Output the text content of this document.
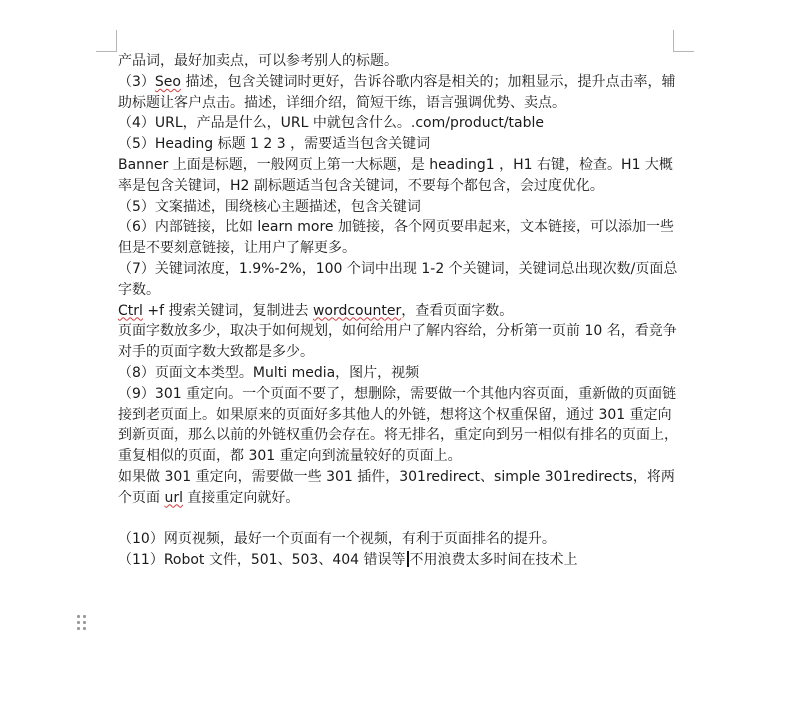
产品词，最好加卖点，可以参考别人的标题。

（3）Seo 描述，包含关键词时更好，告诉谷歌内容是相关的；加粗显示，提升点击率，辅助标题让客户点击。描述，详细介绍，简短干练，语言强调优势、卖点。

（4）URL，产品是什么，URL 中就包含什么。.com/product/table

（5）Heading 标题 1 2 3 ，需要适当包含关键词

Banner 上面是标题，一般网页上第一大标题，是 heading1 ，H1 右键，检查。H1 大概率是包含关键词，H2 副标题适当包含关键词，不要每个都包含，会过度优化。

（5）文案描述，围绕核心主题描述，包含关键词

（6）内部链接，比如 learn more 加链接，各个网页要串起来，文本链接，可以添加一些但是不要刻意链接，让用户了解更多。

（7）关键词浓度，1.9%-2%，100 个词中出现 1-2 个关键词，关键词总出现次数/页面总字数。

Ctrl +f 搜索关键词，复制进去 wordcounter，查看页面字数。

页面字数放多少，取决于如何规划，如何给用户了解内容给，分析第一页前 10 名，看竞争对手的页面字数大致都是多少。

（8）页面文本类型。Multi media，图片，视频

（9）301 重定向。一个页面不要了，想删除，需要做一个其他内容页面，重新做的页面链接到老页面上。如果原来的页面好多其他人的外链，想将这个权重保留，通过 301 重定向到新页面，那么以前的外链权重仍会存在。将无排名，重定向到另一相似有排名的页面上，重复相似的页面，都 301 重定向到流量较好的页面上。

如果做 301 重定向，需要做一些 301 插件，301redirect、simple 301redirects，将两个页面 url 直接重定向就好。

（10）网页视频，最好一个页面有一个视频，有利于页面排名的提升。

（11）Robot 文件，501、503、404 错误等 不用浪费太多时间在技术上
